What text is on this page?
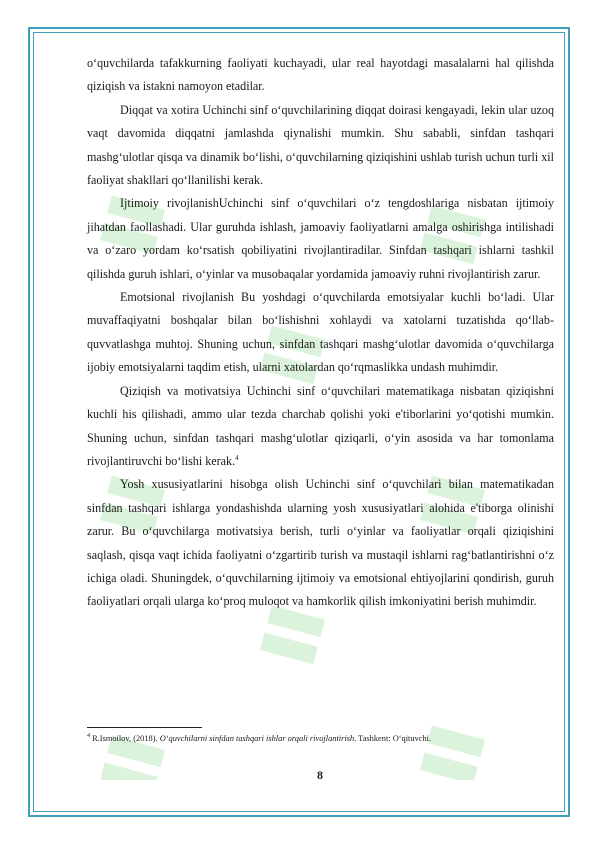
o‘quvchilarda tafakkurning faoliyati kuchayadi, ular real hayotdagi masalalarni hal qilishda qiziqish va istakni namoyon etadilar.

Diqqat va xotira Uchinchi sinf o‘quvchilarining diqqat doirasi kengayadi, lekin ular uzoq vaqt davomida diqqatni jamlashda qiynalishi mumkin. Shu sababli, sinfdan tashqari mashg‘ulotlar qisqa va dinamik bo‘lishi, o‘quvchilarning qiziqishini ushlab turish uchun turli xil faoliyat shakllari qo‘llanilishi kerak.

Ijtimoiy rivojlanishUchinchi sinf o‘quvchilari o‘z tengdoshlariga nisbatan ijtimoiy jihatdan faollashadi. Ular guruhda ishlash, jamoaviy faoliyatlarni amalga oshirishga intilishadi va o‘zaro yordam ko‘rsatish qobiliyatini rivojlantiradilar. Sinfdan tashqari ishlarni tashkil qilishda guruh ishlari, o‘yinlar va musobaqalar yordamida jamoaviy ruhni rivojlantirish zarur.

Emotsional rivojlanish Bu yoshdagi o‘quvchilarda emotsiyalar kuchli bo‘ladi. Ular muvaffaqiyatni boshqalar bilan bo‘lishishni xohlaydi va xatolarni tuzatishda qo‘llab-quvvatlashga muhtoj. Shuning uchun, sinfdan tashqari mashg‘ulotlar davomida o‘quvchilarga ijobiy emotsiyalarni taqdim etish, ularni xatolardan qo‘rqmaslikka undash muhimdir.

Qiziqish va motivatsiya Uchinchi sinf o‘quvchilari matematikaga nisbatan qiziqishni kuchli his qilishadi, ammo ular tezda charchab qolishi yoki e'tiborlarini yo‘qotishi mumkin. Shuning uchun, sinfdan tashqari mashg‘ulotlar qiziqarli, o‘yin asosida va har tomonlama rivojlantiruvchi bo‘lishi kerak.$^4$

Yosh xususiyatlarini hisobga olish Uchinchi sinf o‘quvchilari bilan matematikadan sinfdan tashqari ishlarga yondashishda ularning yosh xususiyatlari alohida e'tiborga olinishi zarur. Bu o‘quvchilarga motivatsiya berish, turli o‘yinlar va faoliyatlar orqali qiziqishini saqlash, qisqa vaqt ichida faoliyatni o‘zgartirib turish va mustaqil ishlarni rag‘batlantirishni o‘z ichiga oladi. Shuningdek, o‘quvchilarning ijtimoiy va emotsional ehtiyojlarini qondirish, guruh faoliyatlari orqali ularga ko‘proq muloqot va hamkorlik qilish imkoniyatini berish muhimdir.

$^4$ R.Ismoilov, (2018). O‘quvchilarni sinfdan tashqari ishlar orqali rivojlantirish. Tashkent: O‘qituvchi.
8
